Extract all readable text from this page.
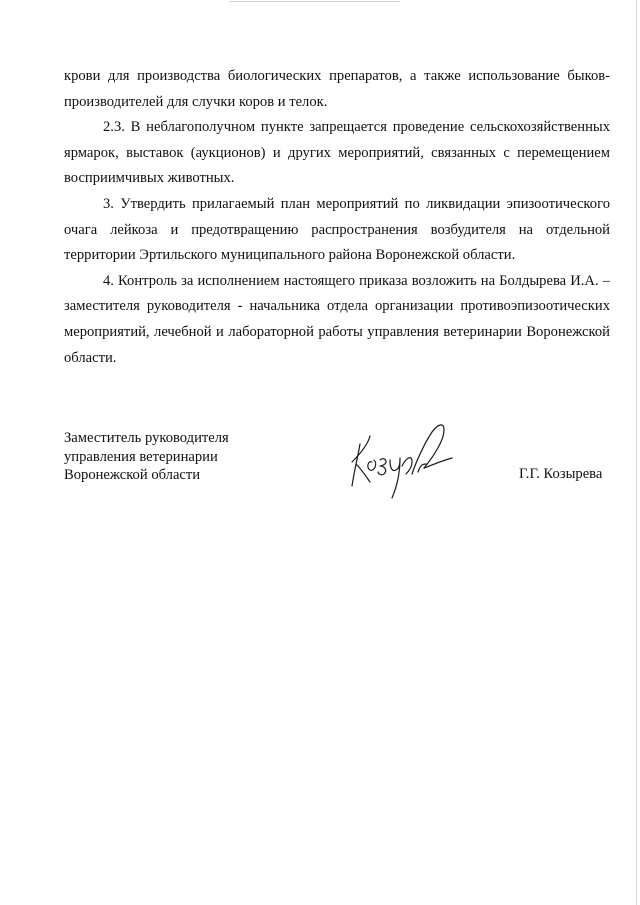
крови для производства биологических препаратов, а также использование быков-производителей для случки коров и телок.

2.3. В неблагополучном пункте запрещается проведение сельскохозяйственных ярмарок, выставок (аукционов) и других мероприятий, связанных с перемещением восприимчивых животных.

3. Утвердить прилагаемый план мероприятий по ликвидации эпизоотического очага лейкоза и предотвращению распространения возбудителя на отдельной территории Эртильского муниципального района Воронежской области.

4. Контроль за исполнением настоящего приказа возложить на Болдырева И.А. – заместителя руководителя - начальника отдела организации противоэпизоотических мероприятий, лечебной и лабораторной работы управления ветеринарии Воронежской области.

Заместитель руководителя
управления ветеринарии
Воронежской области	Г.Г. Козырева
